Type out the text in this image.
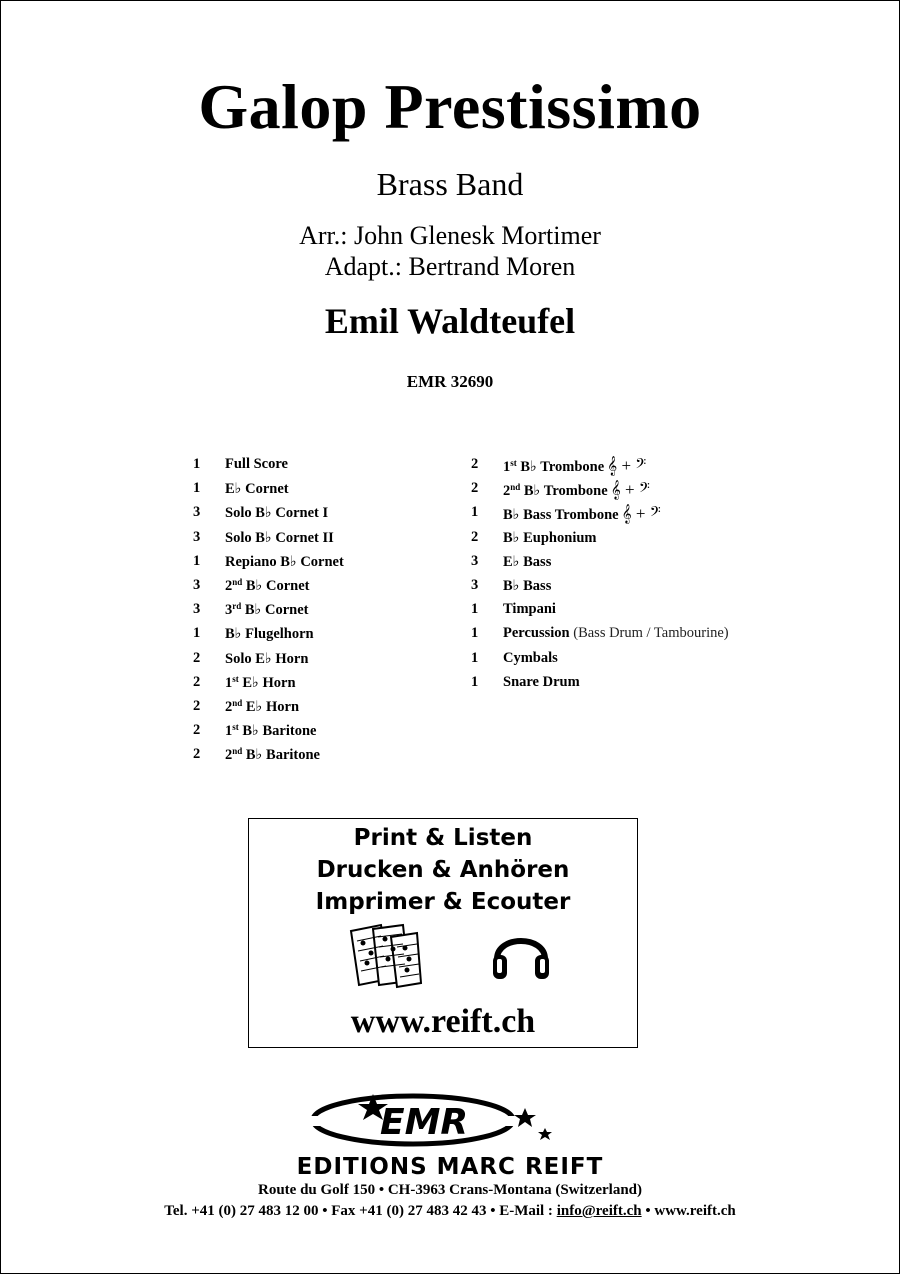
Galop Prestissimo
Brass Band
Arr.: John Glenesk Mortimer
Adapt.: Bertrand Moren
Emil Waldteufel
EMR 32690
1	Full Score
1	E♭ Cornet
3	Solo B♭ Cornet I
3	Solo B♭ Cornet II
1	Repiano B♭ Cornet
3	2nd B♭ Cornet
3	3rd B♭ Cornet
1	B♭ Flugelhorn
2	Solo E♭ Horn
2	1st E♭ Horn
2	2nd E♭ Horn
2	1st B♭ Baritone
2	2nd B♭ Baritone
2	1st B♭ Trombone 𝄞 + 𝄢
2	2nd B♭ Trombone 𝄞 + 𝄢
1	B♭ Bass Trombone 𝄞 + 𝄢
2	B♭ Euphonium
3	E♭ Bass
3	B♭ Bass
1	Timpani
1	Percussion (Bass Drum / Tambourine)
1	Cymbals
1	Snare Drum
Print & Listen
Drucken & Anhören
Imprimer & Ecouter
www.reift.ch
EMR
EDITIONS MARC REIFT
Route du Golf 150 • CH-3963 Crans-Montana (Switzerland)
Tel. +41 (0) 27 483 12 00 • Fax +41 (0) 27 483 42 43 • E-Mail : info@reift.ch • www.reift.ch
